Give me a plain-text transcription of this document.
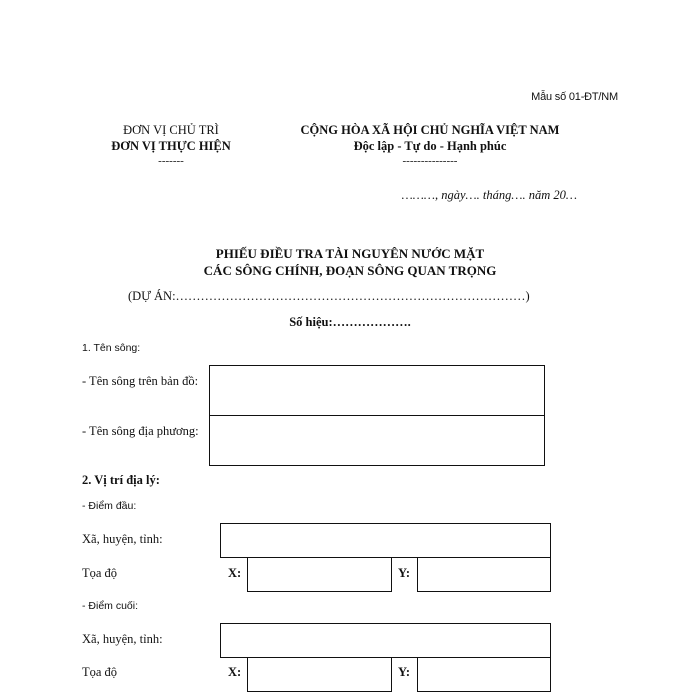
Mẫu số 01-ĐT/NM
ĐƠN VỊ CHỦ TRÌ
ĐƠN VỊ THỰC HIỆN
-------
CỘNG HÒA XÃ HỘI CHỦ NGHĨA VIỆT NAM
Độc lập - Tự do - Hạnh phúc
---------------
………, ngày…. tháng…. năm 20…
PHIẾU ĐIỀU TRA TÀI NGUYÊN NƯỚC MẶT
CÁC SÔNG CHÍNH, ĐOẠN SÔNG QUAN TRỌNG
(DỰ ÁN:…………………………………………………………………………)
Số hiệu:……………….
1. Tên sông:
- Tên sông trên bản đồ:
- Tên sông địa phương:
2. Vị trí địa lý:
- Điểm đầu:
Xã, huyện, tỉnh:
Tọa độ	X:	Y:
- Điểm cuối:
Xã, huyện, tỉnh:
Tọa độ	X:	Y:
